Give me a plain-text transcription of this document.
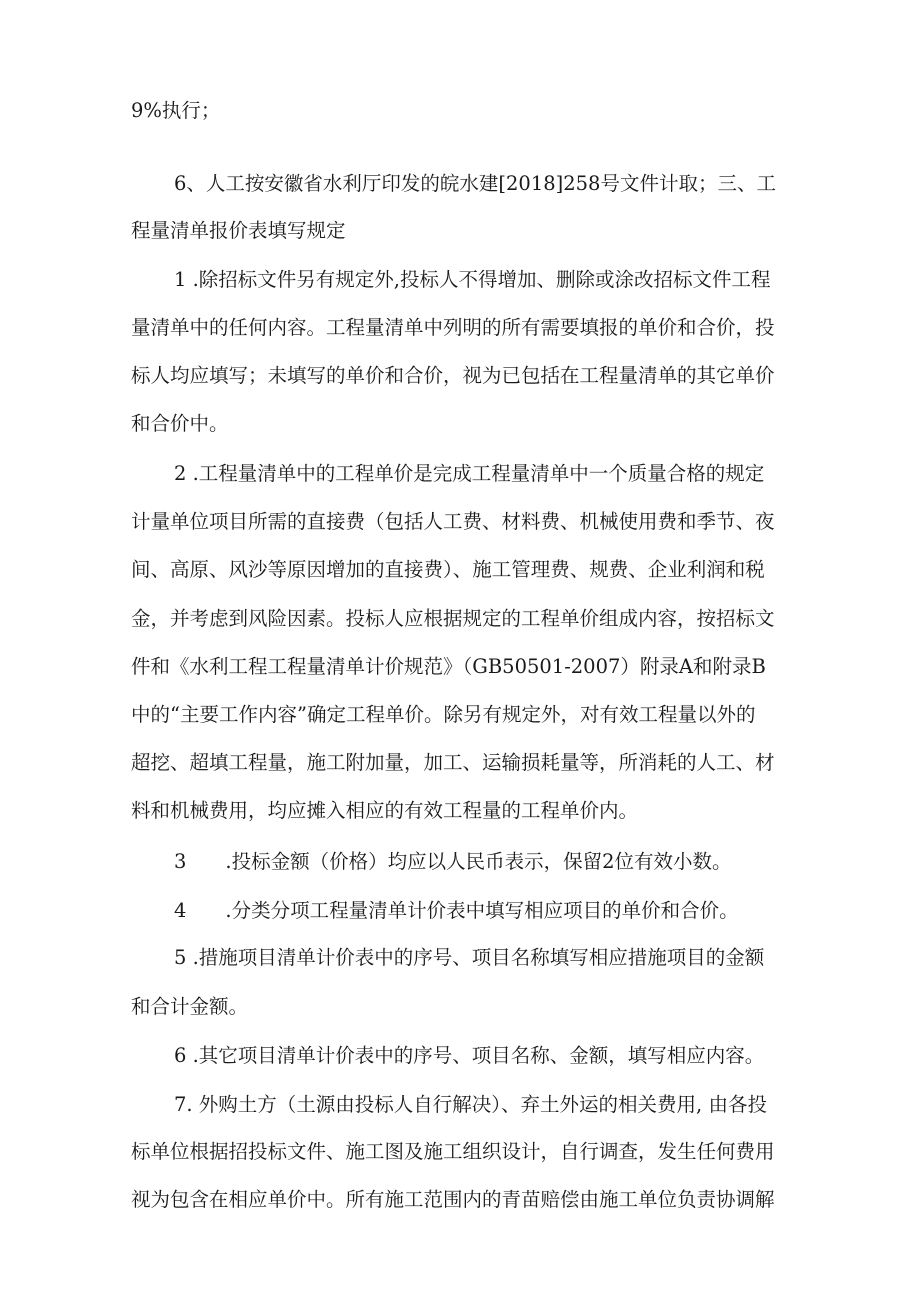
9%执行；
6、人工按安徽省水利厅印发的皖水建[2018]258号文件计取；三、工
程量清单报价表填写规定
1 .除招标文件另有规定外,投标人不得增加、删除或涂改招标文件工程
量清单中的任何内容。工程量清单中列明的所有需要填报的单价和合价，投
标人均应填写；未填写的单价和合价，视为已包括在工程量清单的其它单价
和合价中。
2 .工程量清单中的工程单价是完成工程量清单中一个质量合格的规定
计量单位项目所需的直接费（包括人工费、材料费、机械使用费和季节、夜
间、高原、风沙等原因增加的直接费）、施工管理费、规费、企业利润和税
金，并考虑到风险因素。投标人应根据规定的工程单价组成内容，按招标文
件和《水利工程工程量清单计价规范》（GB50501-2007）附录A和附录B
中的“主要工作内容”确定工程单价。除另有规定外，对有效工程量以外的
超挖、超填工程量，施工附加量，加工、运输损耗量等，所消耗的人工、材
料和机械费用，均应摊入相应的有效工程量的工程单价内。
3　　.投标金额（价格）均应以人民币表示，保留2位有效小数。
4　　.分类分项工程量清单计价表中填写相应项目的单价和合价。
5 .措施项目清单计价表中的序号、项目名称填写相应措施项目的金额
和合计金额。
6 .其它项目清单计价表中的序号、项目名称、金额，填写相应内容。
7. 外购土方（土源由投标人自行解决）、弃土外运的相关费用, 由各投
标单位根据招投标文件、施工图及施工组织设计，自行调查，发生任何费用
视为包含在相应单价中。所有施工范围内的青苗赔偿由施工单位负责协调解
